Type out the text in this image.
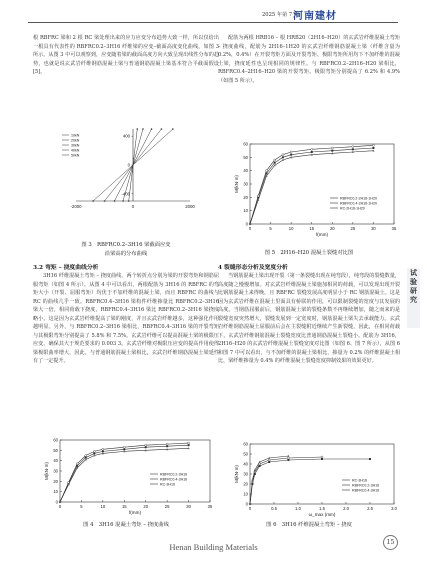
2025 年第 7 期
河南建材
试
验
研
究

根 RBFRC 梁和 2 根 RC 梁处理出来的应力应变分布趋势大致一样，所以仅给出一根具有代表性的 RBFRC0.2–3H16 纤维梁的应变–截面高度变化曲线，如图 3 所示。从图 3 中可以观察到，应变随着梁的截面高度方向大致呈现出线性分布的趋势，也就是说玄武岩纤维钢筋混凝土梁与普通钢筋混凝土梁基本符合平截面假设 [5]。

-2000	0	2000
400
0
-400
10kN
20kN
30kN
40kN
50kN
图 3　RBFRC0.2–3H16 梁截面应变
沿梁高的分布曲线
3.2 弯矩 – 挠度曲线分析

3H16 纤维混凝土弯矩 – 挠度曲线，两个转折点分别为梁的开裂弯矩和钢筋屈服弯矩（如图 4 所示）。从图 4 中可以看出，两根配筋为 3H16 的 RBFRC 的弯矩大小（开裂、屈服弯矩）均优于不加纤维的混凝土梁，而且 RBFRC 的曲线与 RC 的曲线几乎一致。RBFRC0.4–3H16 梁构件纤维掺量比 RBFRC0.2–3H16 梁大一倍，相同荷载下挠度，RBFRC0.4–3H16 梁比 RBFRC0.2–3H16 梁挠度略小。这是因为玄武岩纤维提高了梁的刚度，并且玄武岩纤维越多，这种强化作用越明显。另外，与 RBFRC0.2–3H16 梁相比，RBFRC0.4–3H16 梁的开裂弯矩与其极限弯矩分别提高了 5.8% 和 7.5%。玄武岩纤维可以提高混凝土梁的极限压应变，确保其大于规范要求的 0.003 3。玄武岩纤维对极限压应变的提高作用使得梁极限曲率增大，因此，与普通钢筋混凝土梁相比，玄武岩纤维钢筋混凝土梁延性有了一定提升。

0	5	10	15	20	25	30	35
0
10
20
30
40
50
60
f(mm)
M(kN·m)	RBFRC0.2-3H16
RBFRC0.4-3H16
RC-3H16
图 4　3H16 混凝土弯矩 – 挠度曲线

配筋为两根 HRB16 – 根 HRB20（2H16–H20）的玄武岩纤维混凝土弯矩 – 挠度曲线，配筋为 2H16–1H20 的玄武岩纤维钢筋混凝土梁（纤维含量为 0.2%，0.4%）在开裂弯矩方面及开裂弯矩、极限弯矩所用均下不加纤维的混凝土梁，挠度延性也呈现相同的规律性。与 RBFRC0.2–2H16–H20 梁相比，RBFRC0.4–2H16–H20 梁的开裂弯矩、极限弯矩分别提高了 6.2% 和 4.9%（如图 5 所示）。

0	5	10	15	20	25	30	35
0
10
20
30
40
50
60
f(mm)
M(kN·m)
RBFRC0.2-2H16-1H20
RBFRC0.4-2H16-1H20
RC-2H16-1H20
图 5　2H16–H20 混凝土裂缝对比图
4 裂缝形态分析及宽度分析

当钢筋混凝土梁出现开裂（第一条裂缝出现在纯弯段），纯弯段的裂缝数量，高度随之慢慢增加。对玄武岩纤维混凝土梁施加相同的荷载，可以发现出现开裂比钢筋混凝土来得晚，且 RBFRC 裂缝发展高度明显小于 RC 钢筋混凝土。这是因为玄武岩纤维在混凝土里面具有桥联的作用，可以限制裂缝的宽度与其发展的高度。当钢筋屈服前后，钢筋混凝土梁的裂缝条数不再继续增加，随之而来的是裂缝宽度突然增大，裂缝发展到一定宽度时，钢筋混凝土梁失去承载能力。玄武岩纤维钢筋混凝土屈服前后会在主裂缝附近继续产生新裂缝，因此，在相同荷载下，玄武岩纤维钢筋混凝土裂缝宽度比普通钢筋混凝土裂缝小。配筋为 3H16，2H16–H20 的玄武岩纤维混凝土裂缝宽度对比图（如图 6、图 7 所示），从图 6 和图 7 中可以看出，与不加纤维的混凝土梁相比，掺量为 0.2% 的纤维混凝土相比，梁纤维掺量为 0.4% 的纤维混凝土裂缝宽度抑制效果的效果更好。

0	0.5	1.0	1.5	2.0	2.5	3.0
0
10
20
30
40
50
60
ω_max (mm)
M(kN·m)	RC-3H16
RBFRC0.2-3H16
RBFRC0.4-3H16
图 6　3H16 纤维混凝土弯矩 – 挠度
Henan Building Materials	15
